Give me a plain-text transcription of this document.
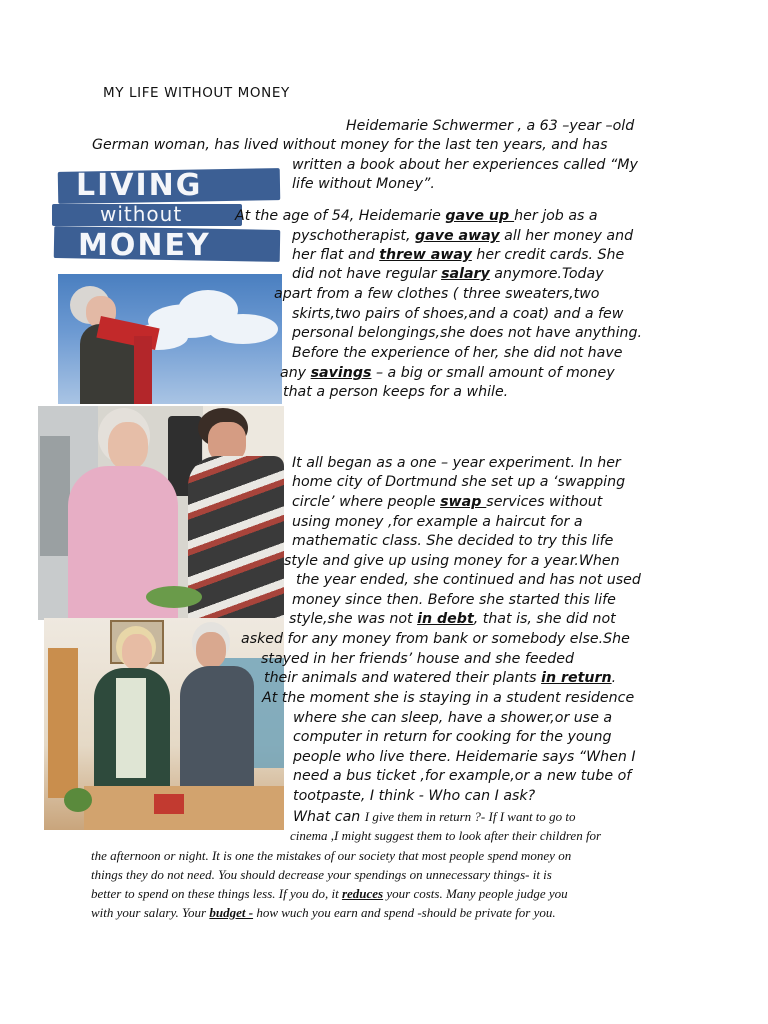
MY LIFE WITHOUT MONEY
LIVING
without
MONEY
Heidemarie Schwermer , a 63 –year –old
German woman, has lived without money for the last ten years, and has
written a book about her experiences called “My
life without Money”.
At the age of 54, Heidemarie gave up her job as a
pyschotherapist, gave away all her money and
her flat and threw away her credit cards. She
did not have regular salary anymore.Today
apart from a few clothes ( three sweaters,two
skirts,two pairs of shoes,and a coat) and a few
personal belongings,she does not have anything.
Before the experience of her, she did not have
any savings – a big or small amount of money
that a person keeps for a while.
It all began as a one – year experiment. In her
home city of Dortmund she set up a ‘swapping
circle’ where people swap services without
using money ,for example a haircut for a
mathematic class. She decided to try this life
style and give up using money for a year.When
the year ended, she continued and has not used
money since then. Before she started this life
style,she was not in debt, that is, she did not
asked for any money from bank or somebody else.She
stayed in her friends’ house and she feeded
their animals and watered their plants in return.
At the moment she is staying in a student residence
where she can sleep, have a shower,or use a
computer in return for cooking for the young
people who live there. Heidemarie says “When I
need a bus ticket ,for example,or a new tube of
tootpaste, I think - Who can I ask?
What can I give them in return ?- If I want to go to
cinema ,I might suggest them to look after their children for
the afternoon or night. It is one the mistakes of our society that most people spend money on
things they do not need. You should decrease your spendings on unnecessary things- it is
better to spend on these things less. If you do, it reduces your costs. Many people judge you
with your salary. Your budget - how wuch you earn and spend -should be private for you.
